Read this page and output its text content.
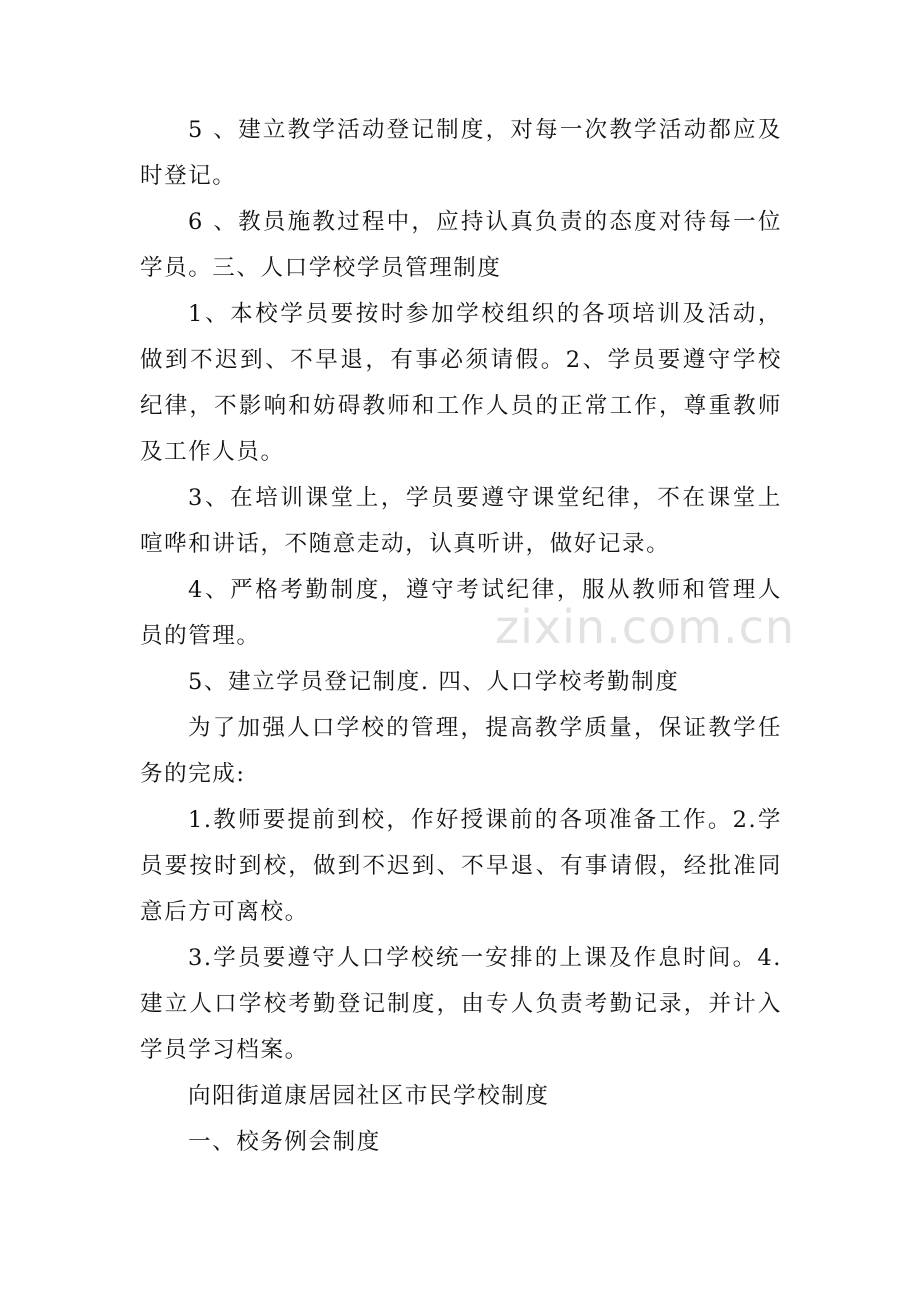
5 、建立教学活动登记制度，对每一次教学活动都应及时登记。

6 、教员施教过程中，应持认真负责的态度对待每一位学员。三、人口学校学员管理制度

1、本校学员要按时参加学校组织的各项培训及活动，做到不迟到、不早退，有事必须请假。2、学员要遵守学校纪律，不影响和妨碍教师和工作人员的正常工作，尊重教师及工作人员。

3、在培训课堂上，学员要遵守课堂纪律，不在课堂上喧哗和讲话，不随意走动，认真听讲，做好记录。

4、严格考勤制度，遵守考试纪律，服从教师和管理人员的管理。

5、建立学员登记制度. 四、人口学校考勤制度

为了加强人口学校的管理，提高教学质量，保证教学任务的完成:

1.教师要提前到校，作好授课前的各项准备工作。2.学员要按时到校，做到不迟到、不早退、有事请假，经批准同意后方可离校。

3.学员要遵守人口学校统一安排的上课及作息时间。4.建立人口学校考勤登记制度，由专人负责考勤记录，并计入学员学习档案。

向阳街道康居园社区市民学校制度

一、校务例会制度

zixin.com.cn
